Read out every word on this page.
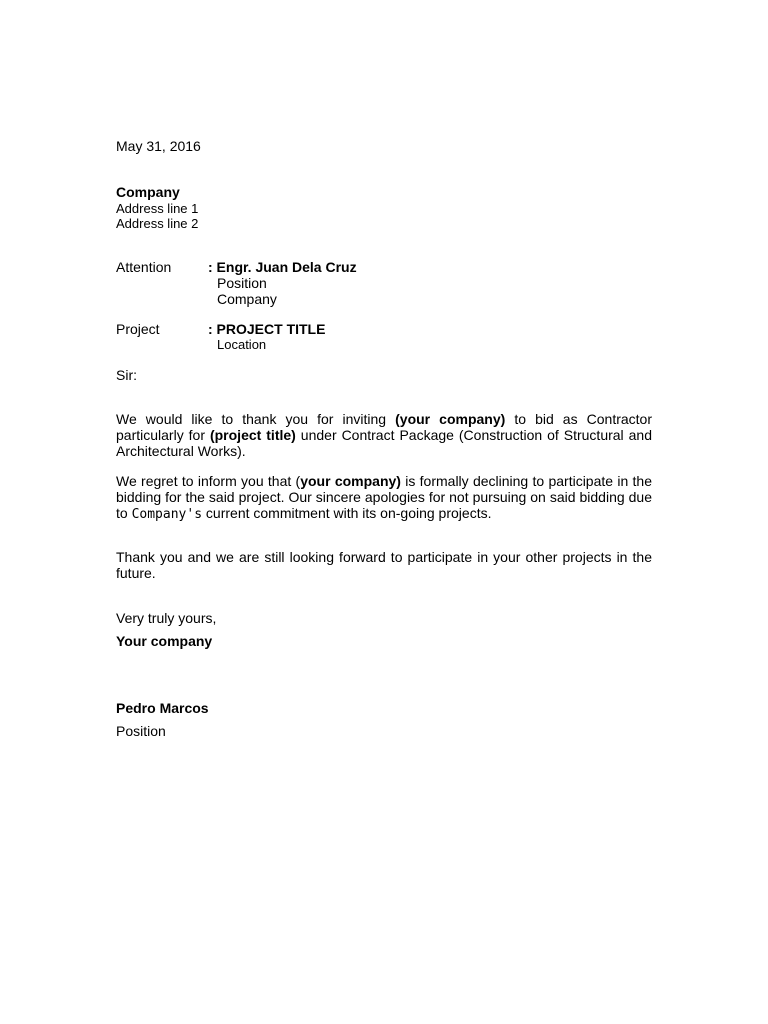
May 31, 2016
Company
Address line 1
Address line 2
Attention	: Engr. Juan Dela Cruz
Position
Company
Project	: PROJECT TITLE
Location
Sir:
We would like to thank you for inviting (your company) to bid as Contractor particularly for (project title) under Contract Package (Construction of Structural and Architectural Works).
We regret to inform you that (your company) is formally declining to participate in the bidding for the said project. Our sincere apologies for not pursuing on said bidding due to Company's current commitment with its on-going projects.
Thank you and we are still looking forward to participate in your other projects in the future.
Very truly yours,
Your company
Pedro Marcos
Position
